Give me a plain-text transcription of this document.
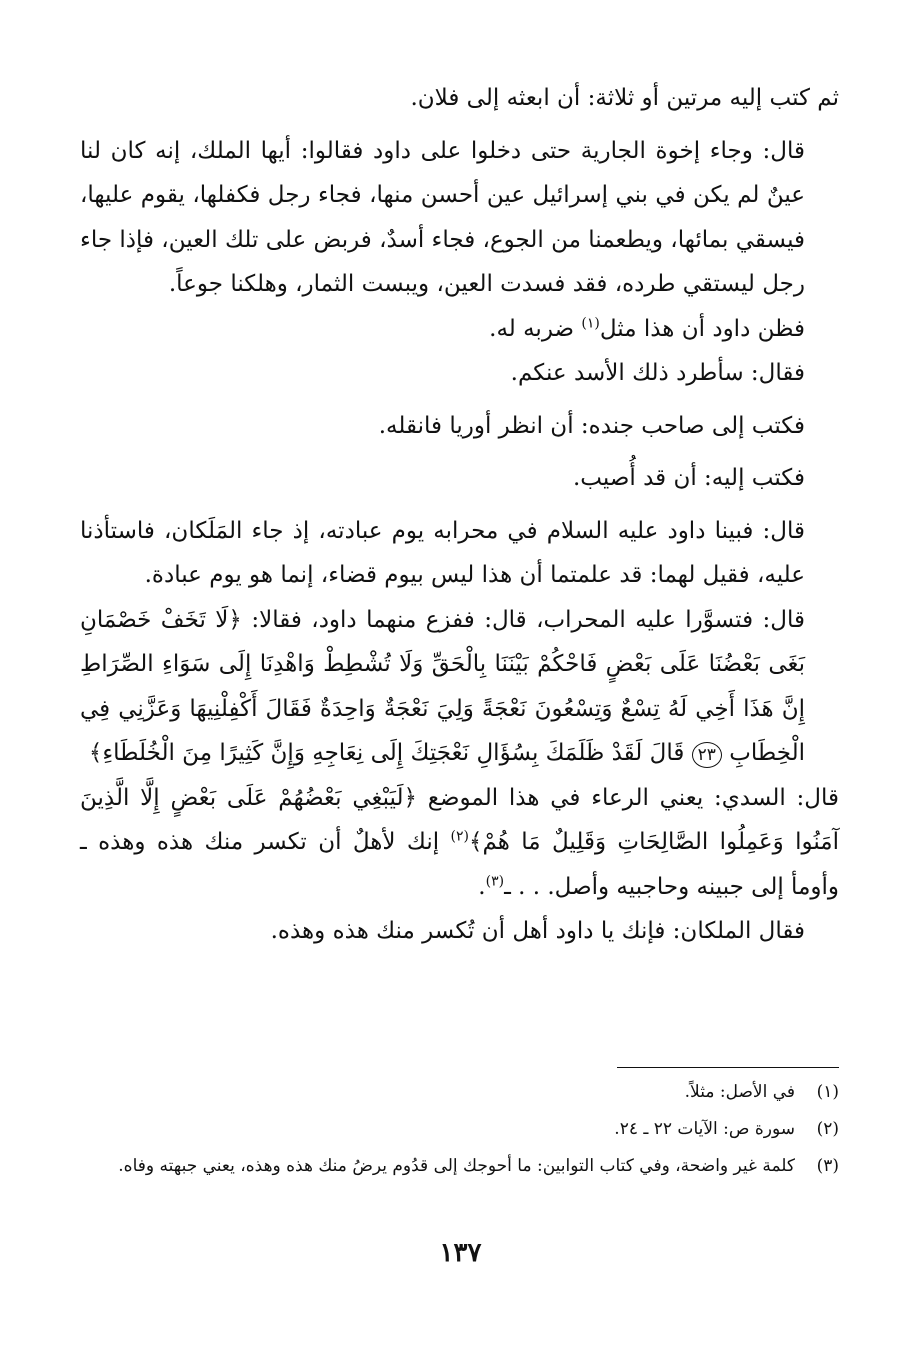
ثم كتب إليه مرتين أو ثلاثة: أن ابعثه إلى فلان.

قال: وجاء إخوة الجارية حتى دخلوا على داود فقالوا: أيها الملك، إنه كان لنا عينٌ لم يكن في بني إسرائيل عين أحسن منها، فجاء رجل فكفلها، يقوم عليها، فيسقي بمائها، ويطعمنا من الجوع، فجاء أسدٌ، فربض على تلك العين، فإذا جاء رجل ليستقي طرده، فقد فسدت العين، ويبست الثمار، وهلكنا جوعاً.

فظن داود أن هذا مثل$^{(١)}$ ضربه له.

فقال: سأطرد ذلك الأسد عنكم.

فكتب إلى صاحب جنده: أن انظر أوريا فانقله.

فكتب إليه: أن قد أُصيب.

قال: فبينا داود عليه السلام في محرابه يوم عبادته، إذ جاء المَلَكان، فاستأذنا عليه، فقيل لهما: قد علمتما أن هذا ليس بيوم قضاء، إنما هو يوم عبادة.

قال: فتسوَّرا عليه المحراب، قال: ففزع منهما داود، فقالا: ﴿لَا تَخَفْ خَصْمَانِ بَغَى بَعْضُنَا عَلَى بَعْضٍ فَاحْكُمْ بَيْنَنَا بِالْحَقِّ وَلَا تُشْطِطْ وَاهْدِنَا إِلَى سَوَاءِ الصِّرَاطِ إِنَّ هَذَا أَخِي لَهُ تِسْعٌ وَتِسْعُونَ نَعْجَةً وَلِيَ نَعْجَةٌ وَاحِدَةٌ فَقَالَ أَكْفِلْنِيهَا وَعَزَّنِي فِي الْخِطَابِ ٢٣ قَالَ لَقَدْ ظَلَمَكَ بِسُؤَالِ نَعْجَتِكَ إِلَى نِعَاجِهِ وَإِنَّ كَثِيرًا مِنَ الْخُلَطَاءِ﴾

قال: السدي: يعني الرعاء في هذا الموضع ﴿لَيَبْغِي بَعْضُهُمْ عَلَى بَعْضٍ إِلَّا الَّذِينَ آمَنُوا وَعَمِلُوا الصَّالِحَاتِ وَقَلِيلٌ مَا هُمْ﴾$^{(٢)}$ إنك لأهلٌ أن تكسر منك هذه وهذه ـ وأومأ إلى جبينه وحاجبيه وأصل. . . ـ$^{(٣)}$.

فقال الملكان: فإنك يا داود أهل أن تُكسر منك هذه وهذه.

(١)
في الأصل: مثلاً.
(٢)
سورة ص: الآيات ٢٢ ـ ٢٤.
(٣)
كلمة غير واضحة، وفي كتاب التوابين: ما أحوجك إلى قدُوم يرضُ منك هذه وهذه، يعني جبهته وفاه.
١٣٧
